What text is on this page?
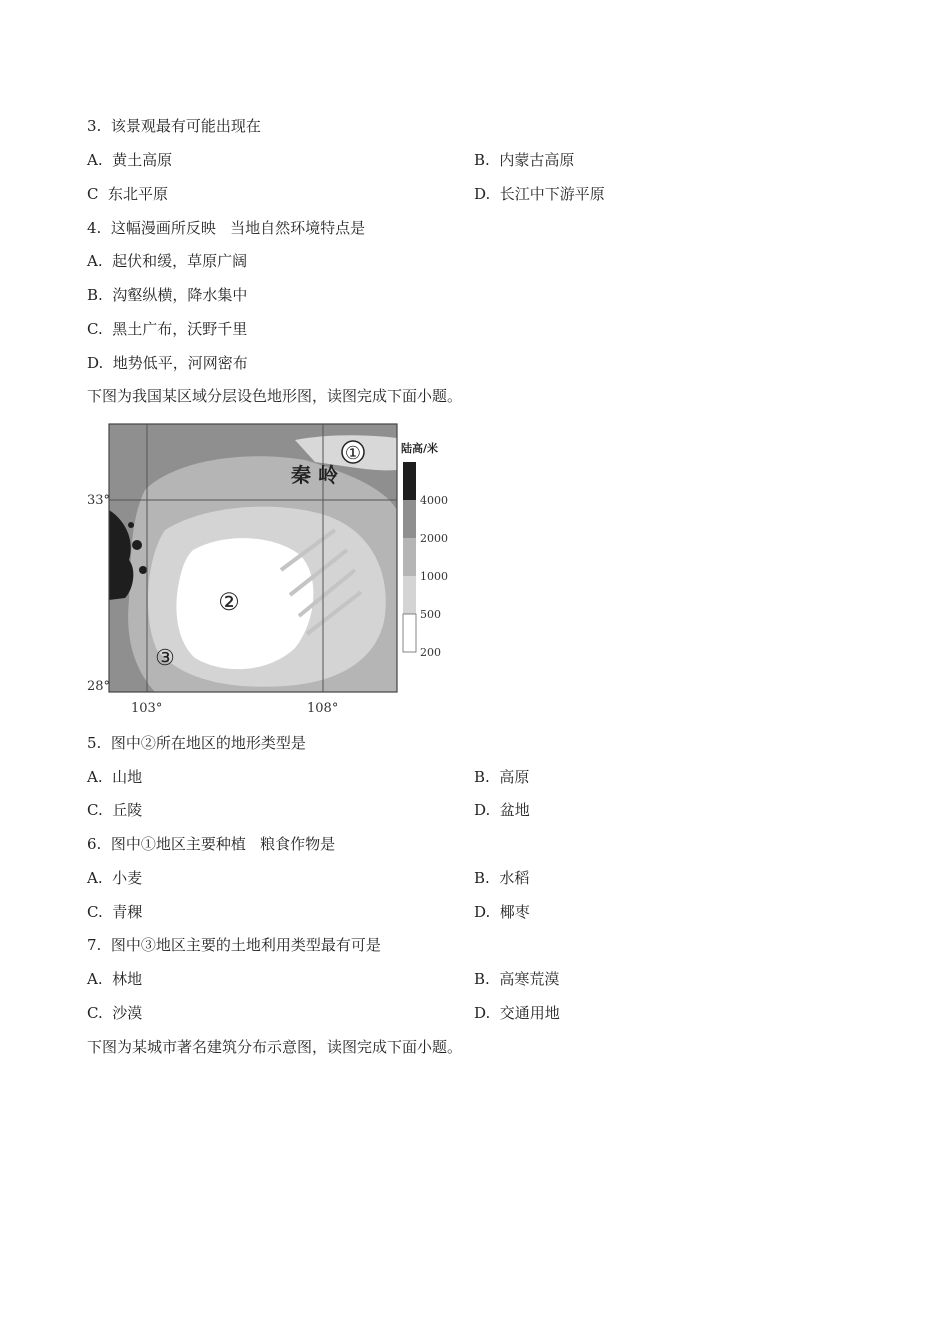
3.  该景观最有可能出现在
A.  黄土高原	B.  内蒙古高原
C  东北平原	D.  长江中下游平原
4.  这幅漫画所反映   当地自然环境特点是
A.  起伏和缓，草原广阔
B.  沟壑纵横，降水集中
C.  黑土广布，沃野千里
D.  地势低平，河网密布
下图为我国某区域分层设色地形图，读图完成下面小题。
①
②
③
秦 岭
33°
28°
103°	108°
陆高/米
4000
2000
1000
500
200
5.  图中②所在地区的地形类型是
A.  山地	B.  高原
C.  丘陵	D.  盆地
6.  图中①地区主要种植   粮食作物是
A.  小麦	B.  水稻
C.  青稞	D.  椰枣
7.  图中③地区主要的土地利用类型最有可是
A.  林地	B.  高寒荒漠
C.  沙漠	D.  交通用地
下图为某城市著名建筑分布示意图，读图完成下面小题。
